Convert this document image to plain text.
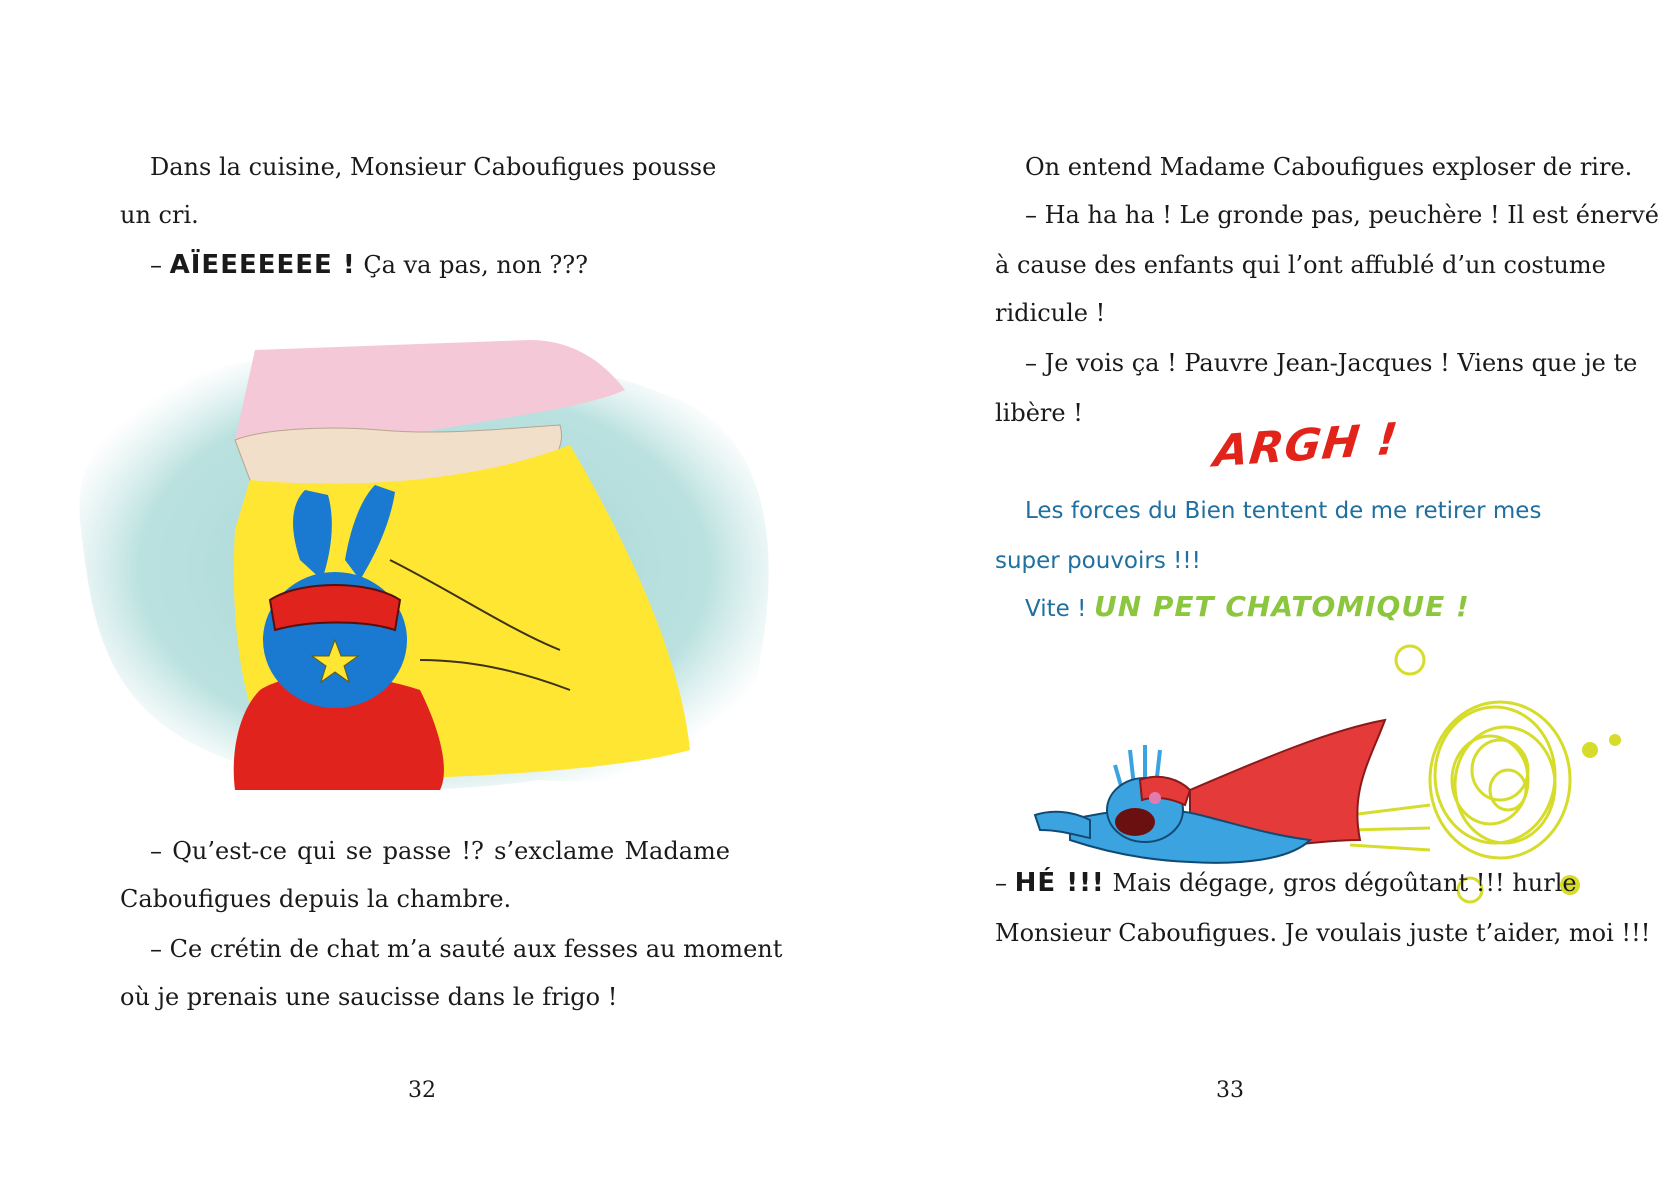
Dans la cuisine, Monsieur Caboufigues pousse
un cri.
– AÏEEEEEEE ! Ça va pas, non ???
– Qu’est-ce qui se passe !? s’exclame Madame
Caboufigues depuis la chambre.
– Ce crétin de chat m’a sauté aux fesses au moment
où je prenais une saucisse dans le frigo !
32
On entend Madame Caboufigues exploser de rire.
– Ha ha ha ! Le gronde pas, peuchère ! Il est énervé
à cause des enfants qui l’ont affublé d’un costume
ridicule !
– Je vois ça ! Pauvre Jean-Jacques ! Viens que je te
libère !
ARGH !
Les forces du Bien tentent de me retirer mes
super pouvoirs !!!
Vite ! UN PET CHATOMIQUE !
– HÉ !!! Mais dégage, gros dégoûtant !!! hurle
Monsieur Caboufigues. Je voulais juste t’aider, moi !!!
33
